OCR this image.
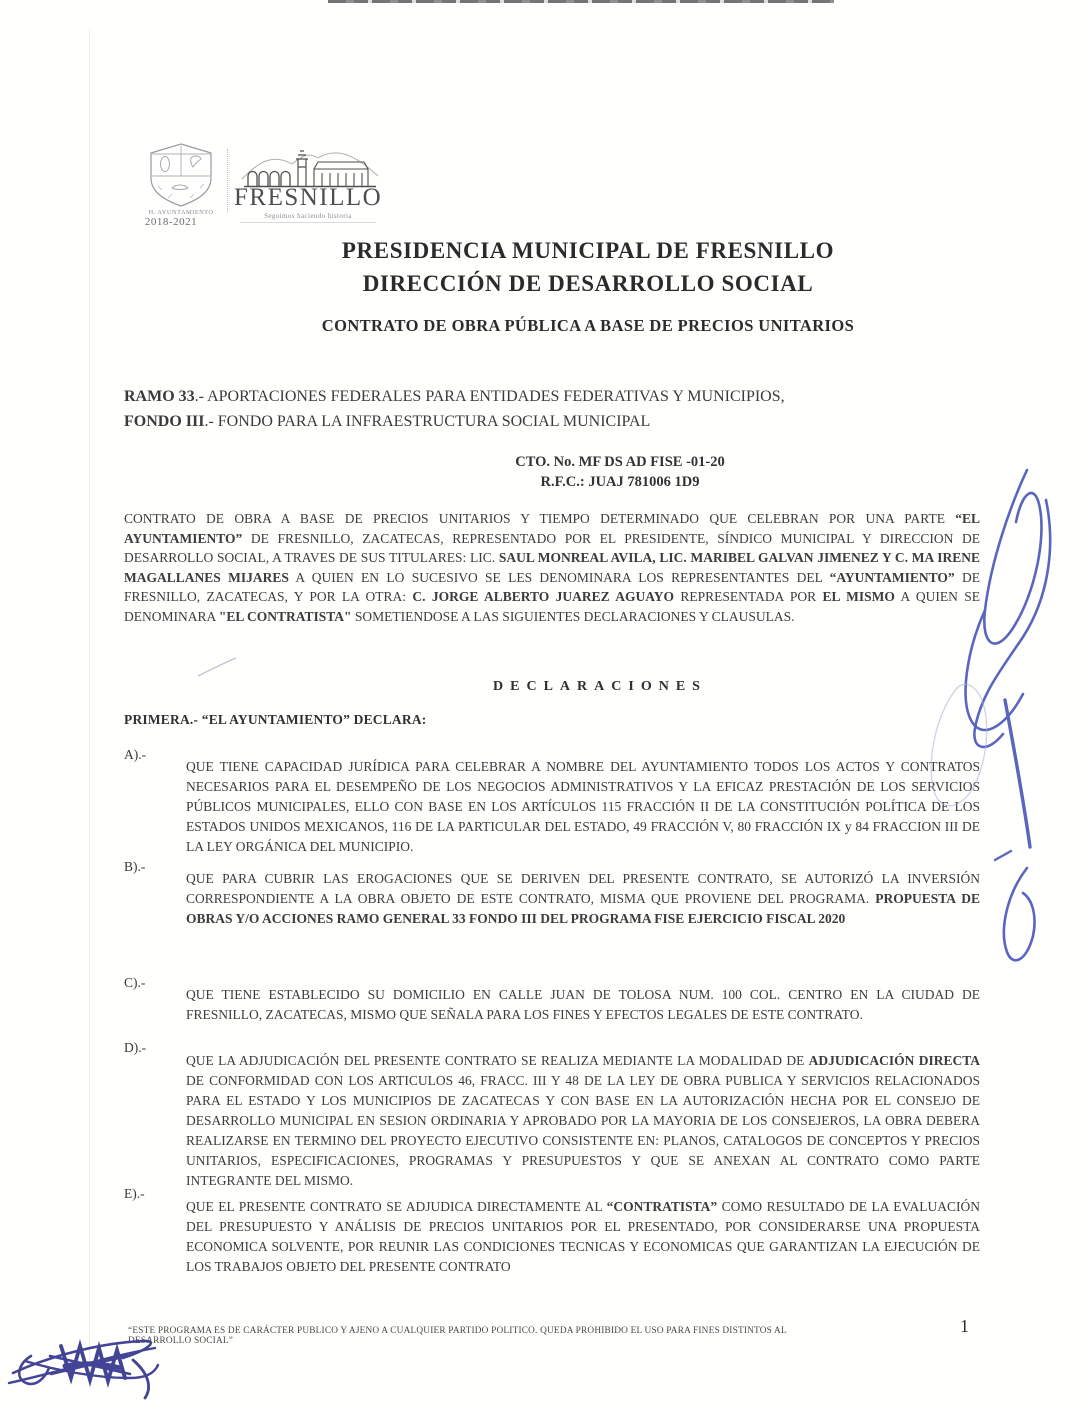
H. AYUNTAMIENTO
2018-2021
FRESNILLO
Seguimos haciendo historia
PRESIDENCIA MUNICIPAL DE FRESNILLO
DIRECCIÓN DE DESARROLLO SOCIAL
CONTRATO DE OBRA PÚBLICA A BASE DE PRECIOS UNITARIOS
RAMO 33.- APORTACIONES FEDERALES PARA ENTIDADES FEDERATIVAS Y MUNICIPIOS,
FONDO III.- FONDO PARA LA INFRAESTRUCTURA SOCIAL MUNICIPAL
CTO. No. MF DS AD FISE -01-20
R.F.C.: JUAJ 781006 1D9
CONTRATO DE OBRA A BASE DE PRECIOS UNITARIOS Y TIEMPO DETERMINADO QUE CELEBRAN POR UNA PARTE “EL AYUNTAMIENTO” DE FRESNILLO, ZACATECAS, REPRESENTADO POR EL PRESIDENTE, SÍNDICO MUNICIPAL Y DIRECCION DE DESARROLLO SOCIAL, A TRAVES DE SUS TITULARES: LIC. SAUL MONREAL AVILA, LIC. MARIBEL GALVAN JIMENEZ Y C. MA IRENE MAGALLANES MIJARES A QUIEN EN LO SUCESIVO SE LES DENOMINARA LOS REPRESENTANTES DEL “AYUNTAMIENTO” DE FRESNILLO, ZACATECAS, Y POR LA OTRA: C. JORGE ALBERTO JUAREZ AGUAYO REPRESENTADA POR EL MISMO A QUIEN SE DENOMINARA "EL CONTRATISTA" SOMETIENDOSE A LAS SIGUIENTES DECLARACIONES Y CLAUSULAS.
DECLARACIONES
PRIMERA.- “EL AYUNTAMIENTO” DECLARA:
A).-
QUE TIENE CAPACIDAD JURÍDICA PARA CELEBRAR A NOMBRE DEL AYUNTAMIENTO TODOS LOS ACTOS Y CONTRATOS NECESARIOS PARA EL DESEMPEÑO DE LOS NEGOCIOS ADMINISTRATIVOS Y LA EFICAZ PRESTACIÓN DE LOS SERVICIOS PÚBLICOS MUNICIPALES, ELLO CON BASE EN LOS ARTÍCULOS 115 FRACCIÓN II DE LA CONSTITUCIÓN POLÍTICA DE LOS ESTADOS UNIDOS MEXICANOS, 116 DE LA PARTICULAR DEL ESTADO, 49 FRACCIÓN V, 80 FRACCIÓN IX y 84 FRACCION III DE LA LEY ORGÁNICA DEL MUNICIPIO.
B).-
QUE PARA CUBRIR LAS EROGACIONES QUE SE DERIVEN DEL PRESENTE CONTRATO, SE AUTORIZÓ LA INVERSIÓN CORRESPONDIENTE A LA OBRA OBJETO DE ESTE CONTRATO, MISMA QUE PROVIENE DEL PROGRAMA. PROPUESTA DE OBRAS Y/O ACCIONES RAMO GENERAL 33 FONDO III DEL PROGRAMA FISE EJERCICIO FISCAL 2020
C).-
QUE TIENE ESTABLECIDO SU DOMICILIO EN CALLE JUAN DE TOLOSA NUM. 100 COL. CENTRO EN LA CIUDAD DE FRESNILLO, ZACATECAS, MISMO QUE SEÑALA PARA LOS FINES Y EFECTOS LEGALES DE ESTE CONTRATO.
D).-
QUE LA ADJUDICACIÓN DEL PRESENTE CONTRATO SE REALIZA MEDIANTE LA MODALIDAD DE ADJUDICACIÓN DIRECTA DE CONFORMIDAD CON LOS ARTICULOS 46, FRACC. III Y 48 DE LA LEY DE OBRA PUBLICA Y SERVICIOS RELACIONADOS PARA EL ESTADO Y LOS MUNICIPIOS DE ZACATECAS Y CON BASE EN LA AUTORIZACIÓN HECHA POR EL CONSEJO DE DESARROLLO MUNICIPAL EN SESION ORDINARIA Y APROBADO POR LA MAYORIA DE LOS CONSEJEROS, LA OBRA DEBERA REALIZARSE EN TERMINO DEL PROYECTO EJECUTIVO CONSISTENTE EN: PLANOS, CATALOGOS DE CONCEPTOS Y PRECIOS UNITARIOS, ESPECIFICACIONES, PROGRAMAS Y PRESUPUESTOS Y QUE SE ANEXAN AL CONTRATO COMO PARTE INTEGRANTE DEL MISMO.
E).-
QUE EL PRESENTE CONTRATO SE ADJUDICA DIRECTAMENTE AL “CONTRATISTA” COMO RESULTADO DE LA EVALUACIÓN DEL PRESUPUESTO Y ANÁLISIS DE PRECIOS UNITARIOS POR EL PRESENTADO, POR CONSIDERARSE UNA PROPUESTA ECONOMICA SOLVENTE, POR REUNIR LAS CONDICIONES TECNICAS Y ECONOMICAS QUE GARANTIZAN LA EJECUCIÓN DE LOS TRABAJOS OBJETO DEL PRESENTE CONTRATO
“ESTE PROGRAMA ES DE CARÁCTER PUBLICO Y AJENO A CUALQUIER PARTIDO POLITICO. QUEDA PROHIBIDO EL USO PARA FINES DISTINTOS AL DESARROLLO SOCIAL”
1
